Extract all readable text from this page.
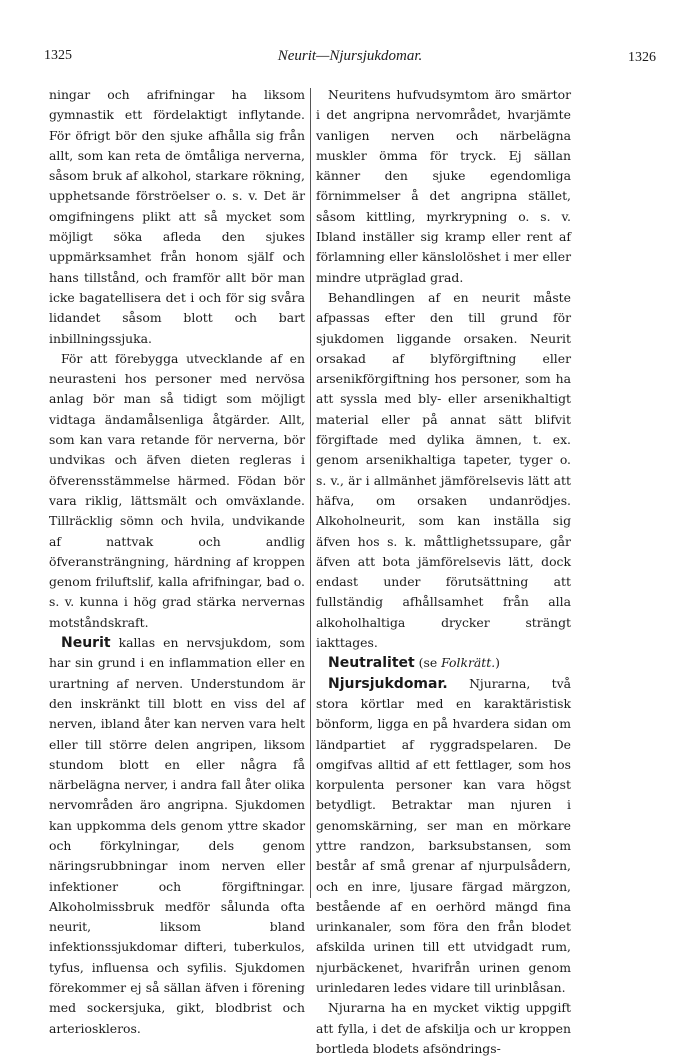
1325	Neurit—Njursjukdomar.	1326

ningar och afrifningar ha liksom gymnastik ett fördelaktigt inflytande. För öfrigt bör den sjuke afhålla sig från allt, som kan reta de ömtåliga nerverna, såsom bruk af alkohol, starkare rökning, upphetsande förströelser o. s. v. Det är omgifningens plikt att så mycket som möjligt söka afleda den sjukes uppmärksamhet från honom själf och hans tillstånd, och framför allt bör man icke bagatellisera det i och för sig svåra lidandet såsom blott och bart inbillningssjuka.

För att förebygga utvecklande af en neurasteni hos personer med nervösa anlag bör man så tidigt som möjligt vidtaga ändamålsenliga åtgärder. Allt, som kan vara retande för nerverna, bör undvikas och äfven dieten regleras i öfverensstämmelse härmed. Födan bör vara riklig, lättsmält och omväxlande. Tillräcklig sömn och hvila, undvikande af nattvak och andlig öfveransträngning, härdning af kroppen genom friluftslif, kalla afrifningar, bad o. s. v. kunna i hög grad stärka nervernas motståndskraft.

Neurit kallas en nervsjukdom, som har sin grund i en inflammation eller en urartning af nerven. Understundom är den inskränkt till blott en viss del af nerven, ibland åter kan nerven vara helt eller till större delen angripen, liksom stundom blott en eller några få närbelägna nerver, i andra fall åter olika nervområden äro angripna. Sjukdomen kan uppkomma dels genom yttre skador och förkylningar, dels genom näringsrubbningar inom nerven eller infektioner och förgiftningar. Alkoholmissbruk medför sålunda ofta neurit, liksom bland infektionssjukdomar difteri, tuberkulos, tyfus, influensa och syfilis. Sjukdomen förekommer ej så sällan äfven i förening med sockersjuka, gikt, blodbrist och arterioskleros.

Neuritens hufvudsymtom äro smärtor i det angripna nervområdet, hvarjämte vanligen nerven och närbelägna muskler ömma för tryck. Ej sällan känner den sjuke egendomliga förnimmelser å det angripna stället, såsom kittling, myrkrypning o. s. v. Ibland inställer sig kramp eller rent af förlamning eller känslolöshet i mer eller mindre utpräglad grad.

Behandlingen af en neurit måste afpassas efter den till grund för sjukdomen liggande orsaken. Neurit orsakad af blyförgiftning eller arsenikförgiftning hos personer, som ha att syssla med bly- eller arsenikhaltigt material eller på annat sätt blifvit förgiftade med dylika ämnen, t. ex. genom arsenikhaltiga tapeter, tyger o. s. v., är i allmänhet jämförelsevis lätt att häfva, om orsaken undanrödjes. Alkoholneurit, som kan inställa sig äfven hos s. k. måttlighetssupare, går äfven att bota jämförelsevis lätt, dock endast under förutsättning att fullständig afhållsamhet från alla alkoholhaltiga drycker strängt iakttages.

Neutralitet (se Folkrätt.)

Njursjukdomar. Njurarna, två stora körtlar med en karaktäristisk bönform, ligga en på hvardera sidan om ländpartiet af ryggradspelaren. De omgifvas alltid af ett fettlager, som hos korpulenta personer kan vara högst betydligt. Betraktar man njuren i genomskärning, ser man en mörkare yttre randzon, barksubstansen, som består af små grenar af njurpulsådern, och en inre, ljusare färgad märgzon, bestående af en oerhörd mängd fina urinkanaler, som föra den från blodet afskilda urinen till ett utvidgadt rum, njurbäckenet, hvarifrån urinen genom urinledaren ledes vidare till urinblåsan.

Njurarna ha en mycket viktig uppgift att fylla, i det de afskilja och ur kroppen bortleda blodets afsöndrings-
